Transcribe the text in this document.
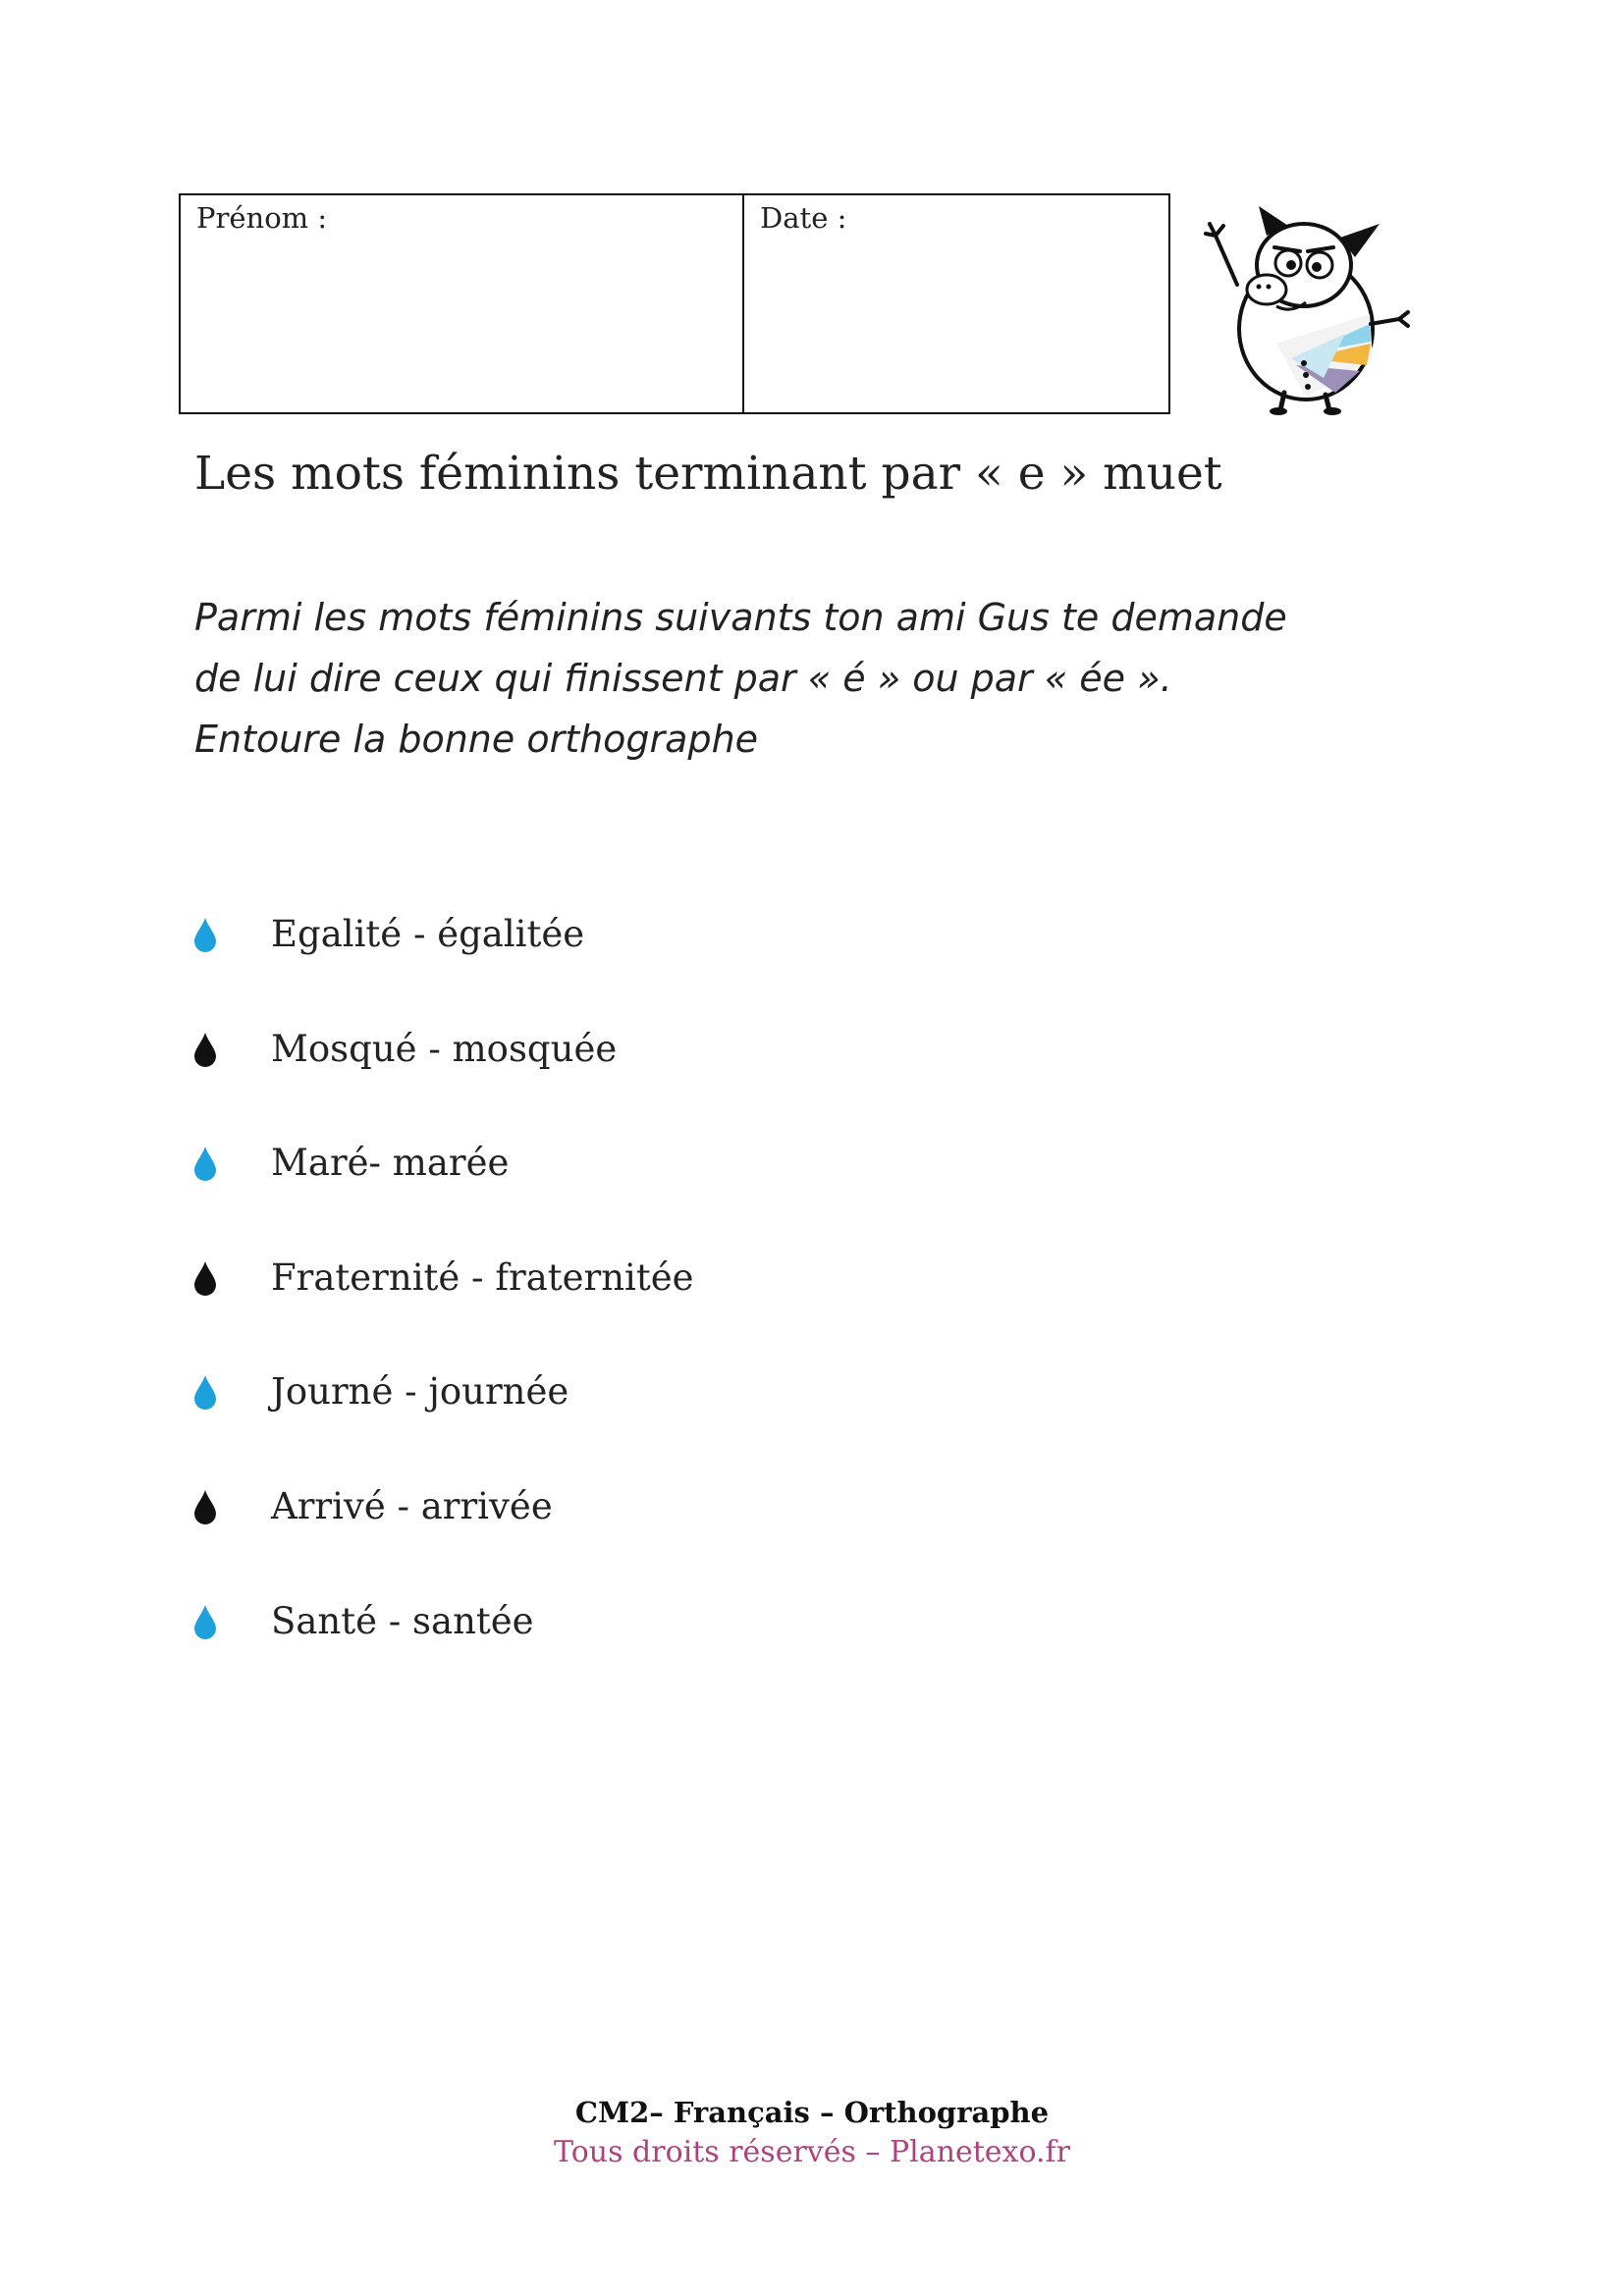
Prénom :	Date :
Les mots féminins terminant par « e » muet
Parmi les mots féminins suivants ton ami Gus te demande
de lui dire ceux qui finissent par « é » ou par « ée ».
Entoure la bonne orthographe
Egalité - égalitée
Mosqué - mosquée
Maré- marée
Fraternité - fraternitée
Journé - journée
Arrivé - arrivée
Santé - santée
CM2– Français – Orthographe
Tous droits réservés – Planetexo.fr
